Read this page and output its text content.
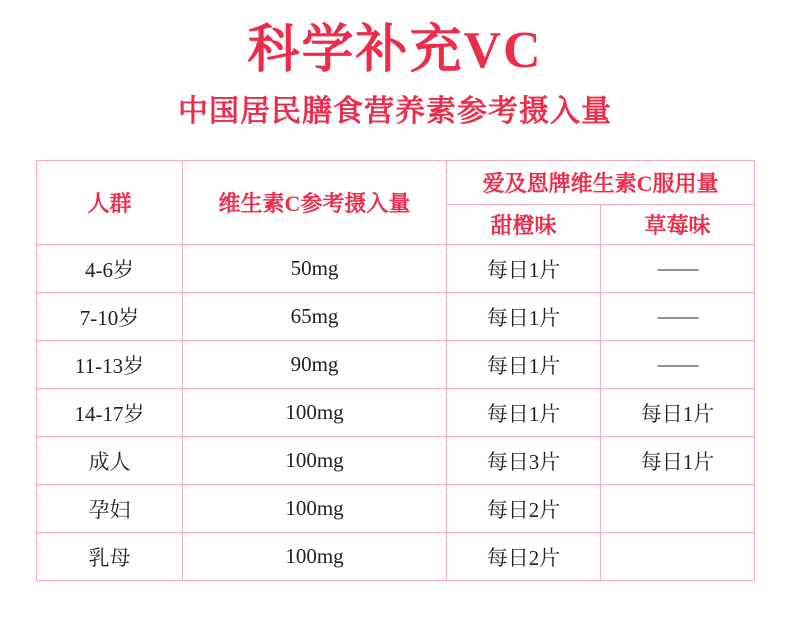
科学补充VC
中国居民膳食营养素参考摄入量
人群	维生素C参考摄入量	爱及恩牌维生素C服用量	
		甜橙味	草莓味
4-6岁	50mg	每日1片	——
7-10岁	65mg	每日1片	——
11-13岁	90mg	每日1片	——
14-17岁	100mg	每日1片	每日1片
成人	100mg	每日3片	每日1片
孕妇	100mg	每日2片	
乳母	100mg	每日2片	
